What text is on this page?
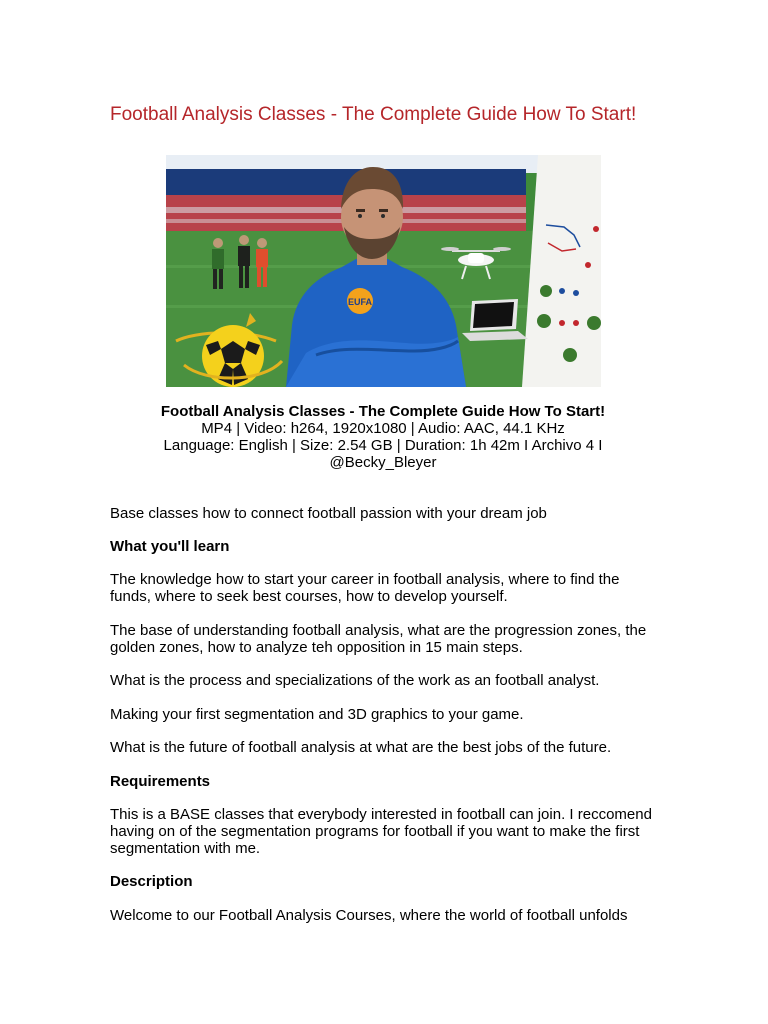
Football Analysis Classes - The Complete Guide How To Start!
EUFA
Football Analysis Classes - The Complete Guide How To Start!
MP4 | Video: h264, 1920x1080 | Audio: AAC, 44.1 KHz
Language: English | Size: 2.54 GB | Duration: 1h 42m I Archivo 4 I
@Becky_Bleyer

Base classes how to connect football passion with your dream job

What you'll learn

The knowledge how to start your career in football analysis, where to find the funds, where to seek best courses, how to develop yourself.

The base of understanding football analysis, what are the progression zones, the golden zones, how to analyze teh opposition in 15 main steps.

What is the process and specializations of the work as an football analyst.

Making your first segmentation and 3D graphics to your game.

What is the future of football analysis at what are the best jobs of the future.

Requirements

This is a BASE classes that everybody interested in football can join. I reccomend having on of the segmentation programs for football if you want to make the first segmentation with me.

Description

Welcome to our Football Analysis Courses, where the world of football unfolds
